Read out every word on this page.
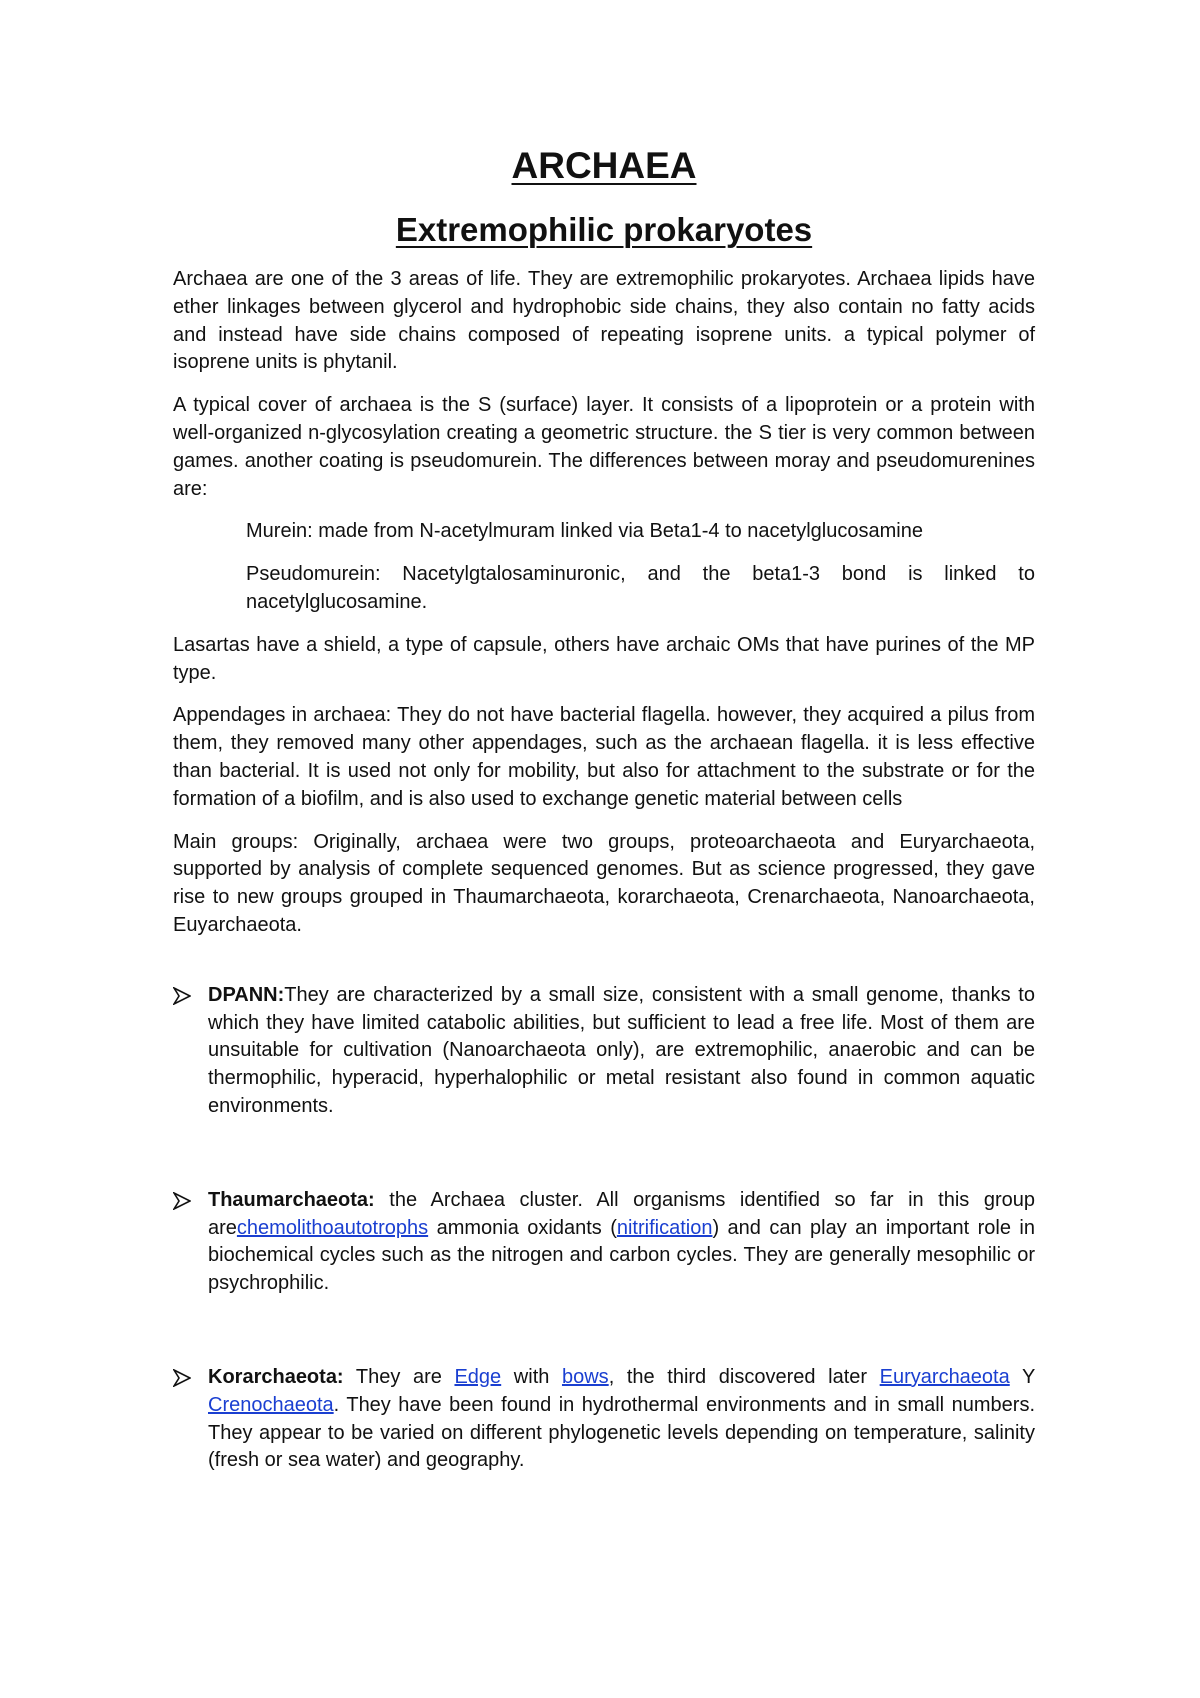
ARCHAEA
Extremophilic prokaryotes

Archaea are one of the 3 areas of life. They are extremophilic prokaryotes. Archaea lipids have ether linkages between glycerol and hydrophobic side chains, they also contain no fatty acids and instead have side chains composed of repeating isoprene units. a typical polymer of isoprene units is phytanil.

A typical cover of archaea is the S (surface) layer. It consists of a lipoprotein or a protein with well-organized n-glycosylation creating a geometric structure. the S tier is very common between games. another coating is pseudomurein. The differences between moray and pseudomurenines are:

Murein: made from N-acetylmuram linked via Beta1-4 to nacetylglucosamine

Pseudomurein: Nacetylgtalosaminuronic, and the beta1-3 bond is linked to nacetylglucosamine.

Lasartas have a shield, a type of capsule, others have archaic OMs that have purines of the MP type.

Appendages in archaea: They do not have bacterial flagella. however, they acquired a pilus from them, they removed many other appendages, such as the archaean flagella. it is less effective than bacterial. It is used not only for mobility, but also for attachment to the substrate or for the formation of a biofilm, and is also used to exchange genetic material between cells

Main groups: Originally, archaea were two groups, proteoarchaeota and Euryarchaeota, supported by analysis of complete sequenced genomes. But as science progressed, they gave rise to new groups grouped in Thaumarchaeota, korarchaeota, Crenarchaeota, Nanoarchaeota, Euyarchaeota.

DPANN:They are characterized by a small size, consistent with a small genome, thanks to which they have limited catabolic abilities, but sufficient to lead a free life. Most of them are unsuitable for cultivation (Nanoarchaeota only), are extremophilic, anaerobic and can be thermophilic, hyperacid, hyperhalophilic or metal resistant also found in common aquatic environments.
Thaumarchaeota: the Archaea cluster. All organisms identified so far in this group arechemolithoautotrophs ammonia oxidants (nitrification) and can play an important role in biochemical cycles such as the nitrogen and carbon cycles. They are generally mesophilic or psychrophilic.
Korarchaeota: They are Edge with bows, the third discovered later Euryarchaeota Y Crenochaeota. They have been found in hydrothermal environments and in small numbers. They appear to be varied on different phylogenetic levels depending on temperature, salinity (fresh or sea water) and geography.
